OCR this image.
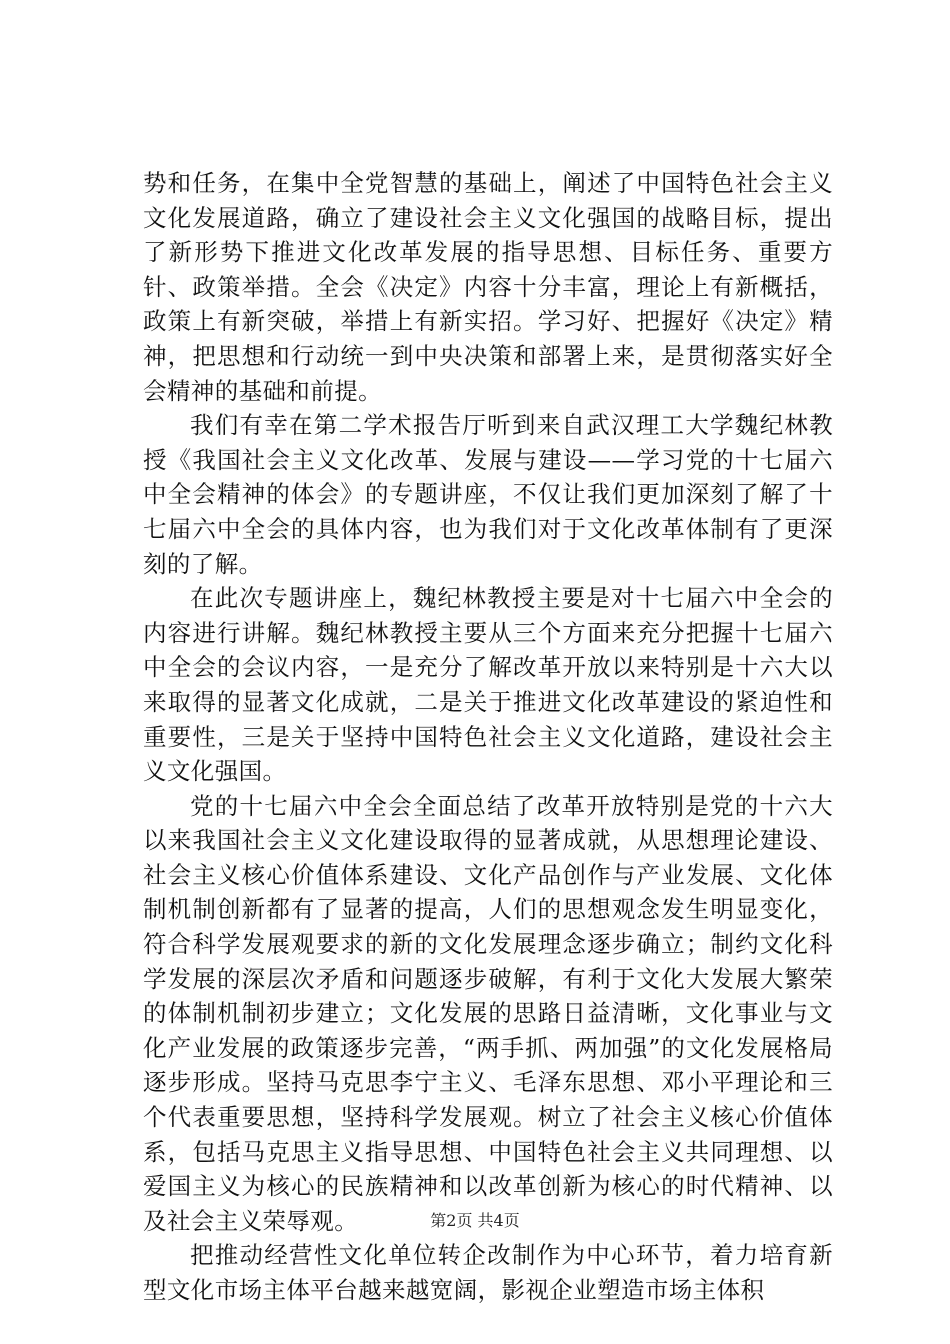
势和任务，在集中全党智慧的基础上，阐述了中国特色社会主义文化发展道路，确立了建设社会主义文化强国的战略目标，提出了新形势下推进文化改革发展的指导思想、目标任务、重要方针、政策举措。全会《决定》内容十分丰富，理论上有新概括，政策上有新突破，举措上有新实招。学习好、把握好《决定》精神，把思想和行动统一到中央决策和部署上来，是贯彻落实好全会精神的基础和前提。

我们有幸在第二学术报告厅听到来自武汉理工大学魏纪林教授《我国社会主义文化改革、发展与建设——学习党的十七届六中全会精神的体会》的专题讲座，不仅让我们更加深刻了解了十七届六中全会的具体内容，也为我们对于文化改革体制有了更深刻的了解。

在此次专题讲座上，魏纪林教授主要是对十七届六中全会的内容进行讲解。魏纪林教授主要从三个方面来充分把握十七届六中全会的会议内容，一是充分了解改革开放以来特别是十六大以来取得的显著文化成就，二是关于推进文化改革建设的紧迫性和重要性，三是关于坚持中国特色社会主义文化道路，建设社会主义文化强国。

党的十七届六中全会全面总结了改革开放特别是党的十六大以来我国社会主义文化建设取得的显著成就，从思想理论建设、社会主义核心价值体系建设、文化产品创作与产业发展、文化体制机制创新都有了显著的提高，人们的思想观念发生明显变化，符合科学发展观要求的新的文化发展理念逐步确立；制约文化科学发展的深层次矛盾和问题逐步破解，有利于文化大发展大繁荣的体制机制初步建立；文化发展的思路日益清晰，文化事业与文化产业发展的政策逐步完善，“两手抓、两加强”的文化发展格局逐步形成。坚持马克思李宁主义、毛泽东思想、邓小平理论和三个代表重要思想，坚持科学发展观。树立了社会主义核心价值体系，包括马克思主义指导思想、中国特色社会主义共同理想、以爱国主义为核心的民族精神和以改革创新为核心的时代精神、以及社会主义荣辱观。

把推动经营性文化单位转企改制作为中心环节，着力培育新型文化市场主体平台越来越宽阔，影视企业塑造市场主体积

第2页 共4页
